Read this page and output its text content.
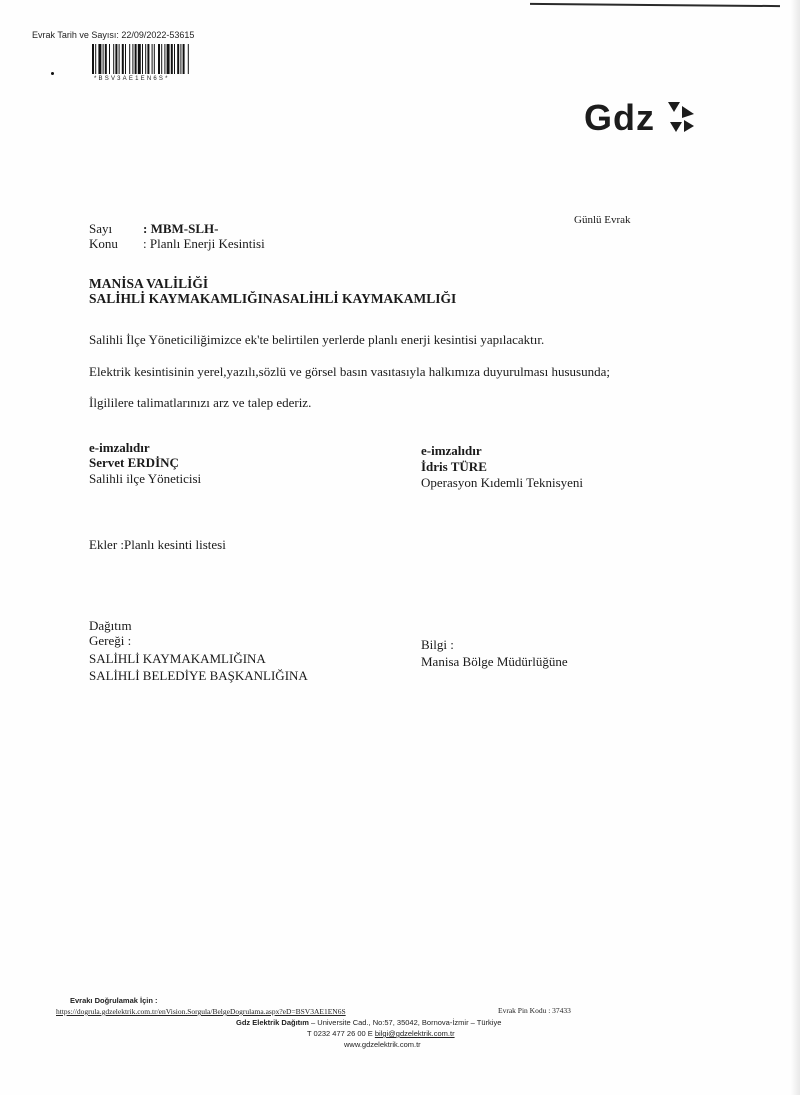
Evrak Tarih ve Sayısı: 22/09/2022-53615
*BSV3AE1EN6S*
Gdz
Günlü Evrak
Sayı : MBM-SLH-
Konu : Planlı Enerji Kesintisi
MANİSA VALİLİĞİ
SALİHLİ KAYMAKAMLIĞINASALİHLİ KAYMAKAMLIĞI
Salihli İlçe Yöneticiliğimizce ek'te belirtilen yerlerde planlı enerji kesintisi yapılacaktır.
Elektrik kesintisinin yerel,yazılı,sözlü ve görsel basın vasıtasıyla halkımıza duyurulması hususunda;
İlgililere talimatlarınızı arz ve talep ederiz.
e-imzalıdır
Servet ERDİNÇ
Salihli ilçe Yöneticisi
e-imzalıdır
İdris TÜRE
Operasyon Kıdemli Teknisyeni
Ekler :Planlı kesinti listesi
Dağıtım
Gereği :
SALİHLİ KAYMAKAMLIĞINA
SALİHLİ BELEDİYE BAŞKANLIĞINA
Bilgi :
Manisa Bölge Müdürlüğüne
Evrakı Doğrulamak İçin :
https://dogrula.gdzelektrik.com.tr/enVision.Sorgula/BelgeDogrulama.aspx?eD=BSV3AE1EN6S	Evrak Pin Kodu : 37433
Gdz Elektrik Dağıtım – Universite Cad., No:57, 35042, Bornova-İzmir – Türkiye
T 0232 477 26 00 E bilgi@gdzelektrik.com.tr
www.gdzelektrik.com.tr
